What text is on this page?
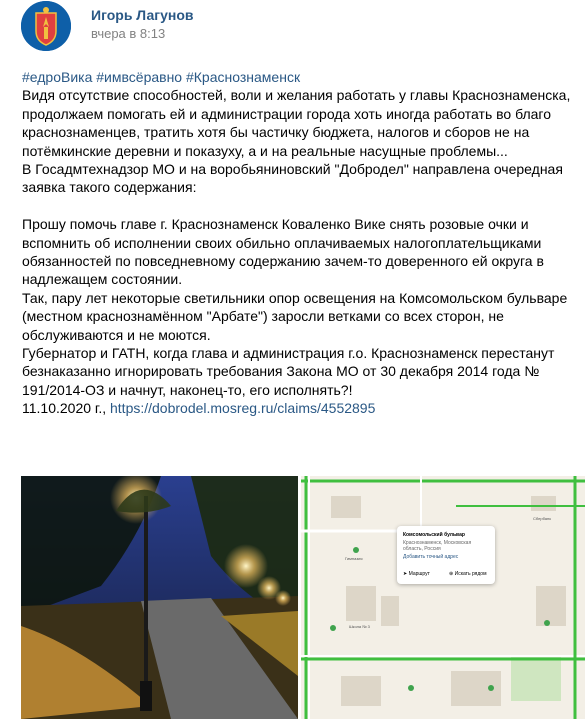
Игорь Лагунов
вчера в 8:13

#едроВика #имвсёравно #Краснознаменск

Видя отсутствие способностей, воли и желания работать у главы Краснознаменска, продолжаем помогать ей и администрации города хоть иногда работать во благо краснознаменцев, тратить хотя бы частичку бюджета, налогов и сборов не на потёмкинские деревни и показуху, а и на реальные насущные проблемы...

В Госадмтехнадзор МО и на воробьяниновский "Добродел" направлена очередная заявка такого содержания:

Прошу помочь главе г. Краснознаменск Коваленко Вике снять розовые очки и вспомнить об исполнении своих обильно оплачиваемых налогоплательщиками обязанностей по повседневному содержанию зачем-то доверенного ей округа в надлежащем состоянии.

Так, пару лет некоторые светильники опор освещения на Комсомольском бульваре (местном краснознамённом "Арбате") заросли ветками со всех сторон, не обслуживаются и не моются.

Губернатор и ГАТН, когда глава и администрация г.о. Краснознаменск перестанут безнаказанно игнорировать требования Закона МО от 30 декабря 2014 года № 191/2014-ОЗ и начнут, наконец-то, его исполнять?!

11.10.2020 г., https://dobrodel.mosreg.ru/claims/4552895

Гимназия
Школа № 3
Сбербанк
Комсомольский бульвар
Краснознаменск, Московская область, Россия
Добавить точный адрес
➤ Маршрут	⊕ Искать рядом
